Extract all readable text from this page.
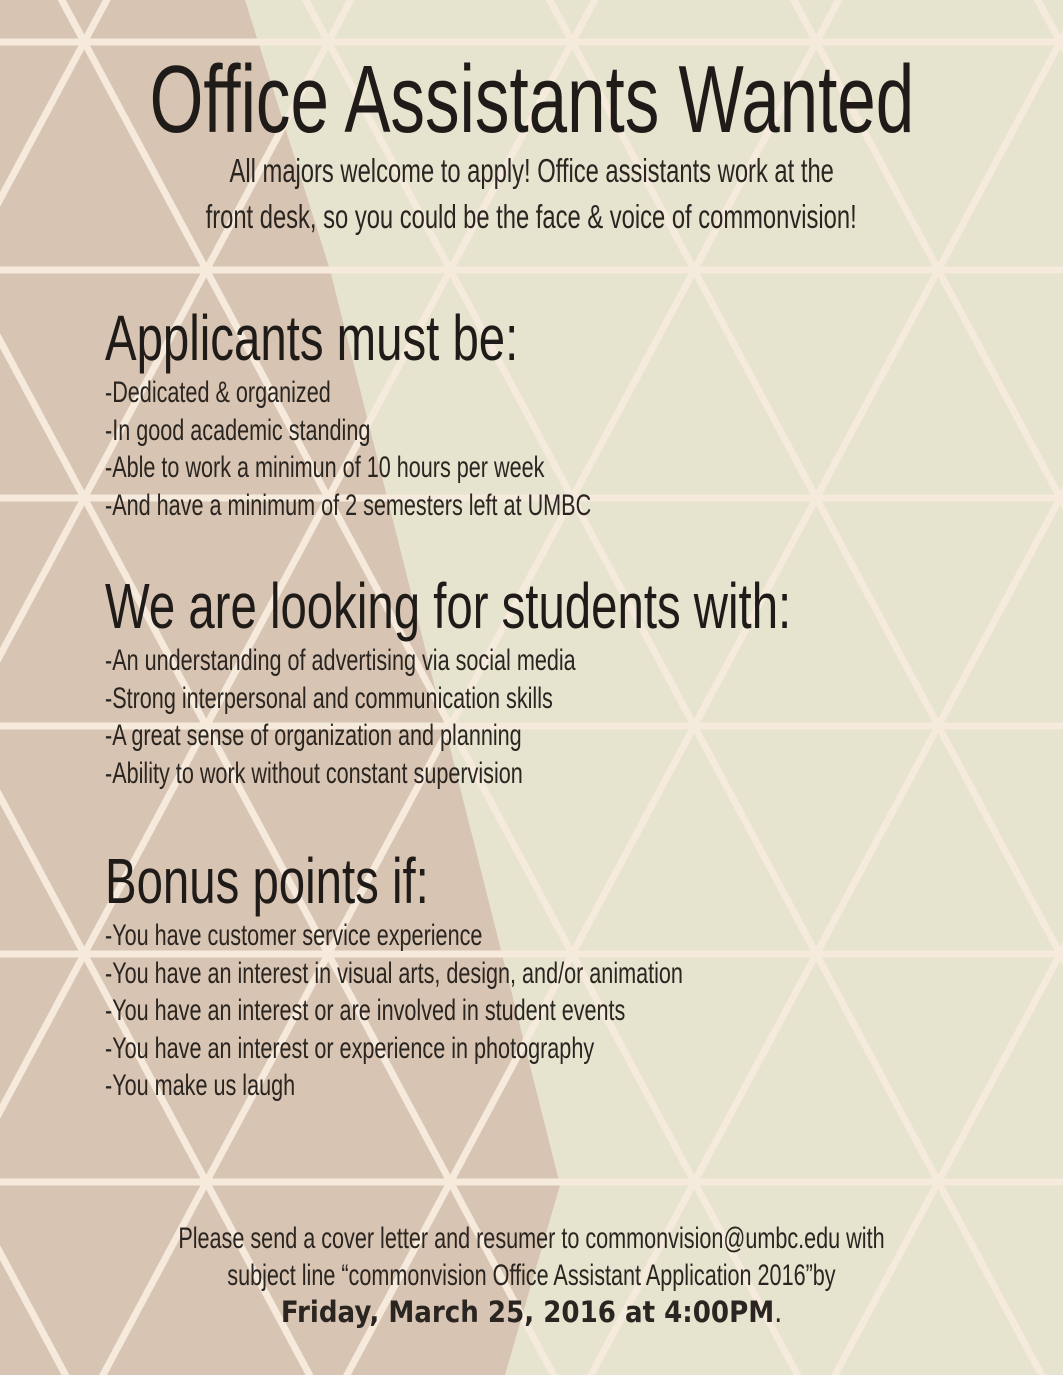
Office Assistants Wanted
All majors welcome to apply! Office assistants work at the
front desk, so you could be the face & voice of commonvision!
Applicants must be:
-Dedicated & organized
-In good academic standing
-Able to work a minimun of 10 hours per week
-And have a minimum of 2 semesters left at UMBC
We are looking for students with:
-An understanding of advertising via social media
-Strong interpersonal and communication skills
-A great sense of organization and planning
-Ability to work without constant supervision
Bonus points if:
-You have customer service experience
-You have an interest in visual arts, design, and/or animation
-You have an interest or are involved in student events
-You have an interest or experience in photography
-You make us laugh
Please send a cover letter and resumer to commonvision@umbc.edu with
subject line “commonvision Office Assistant Application 2016”by
Friday, March 25, 2016 at 4:00PM.
